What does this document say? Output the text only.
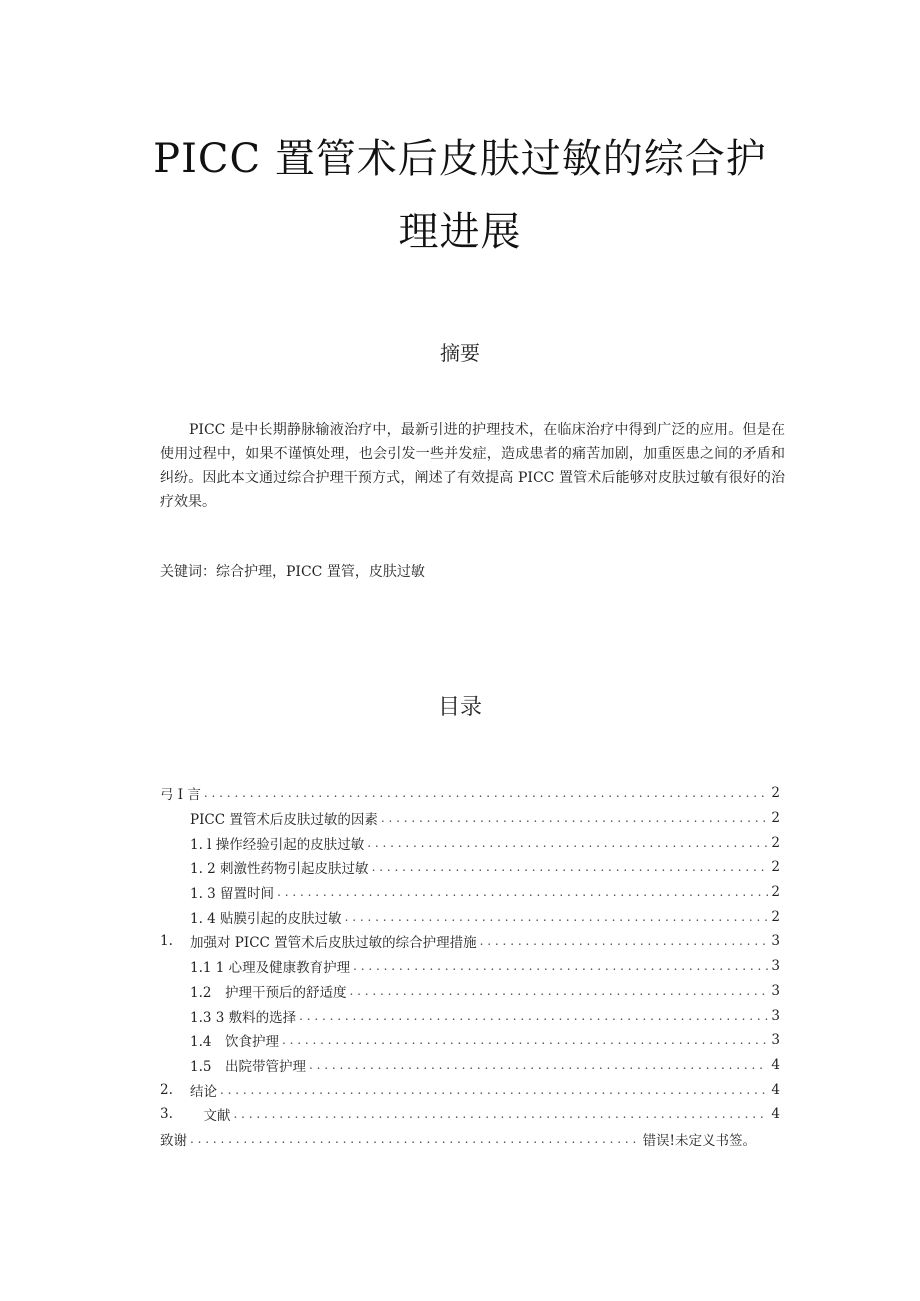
PICC 置管术后皮肤过敏的综合护
理进展
摘要
PICC 是中长期静脉输液治疗中，最新引进的护理技术，在临床治疗中得到广泛的应用。但是在使用过程中，如果不谨慎处理，也会引发一些并发症，造成患者的痛苦加剧，加重医患之间的矛盾和纠纷。因此本文通过综合护理干预方式，阐述了有效提高 PICC 置管术后能够对皮肤过敏有很好的治疗效果。
关键词：综合护理，PICC 置管，皮肤过敏
目录
弓 I 言 . . .	2
PICC 置管术后皮肤过敏的因素 . . .	2
1. l 操作经验引起的皮肤过敏 . . .	2
1. 2 刺激性药物引起皮肤过敏 . . .	2
1. 3 留置时间 . . .	2
1. 4 贴膜引起的皮肤过敏 . . .	2
1.	加强对 PICC 置管术后皮肤过敏的综合护理措施 . . .	3
1.1 1 心理及健康教育护理 . . .	3
1.2　护理干预后的舒适度 . . .	3
1.3 3 敷料的选择 . . .	3
1.4　饮食护理 . . .	3
1.5　出院带管护理 . . .	4
2.	结论 . . .	4
3.	　文献 . . .	4
致谢 . . .	错误!未定义书签。
